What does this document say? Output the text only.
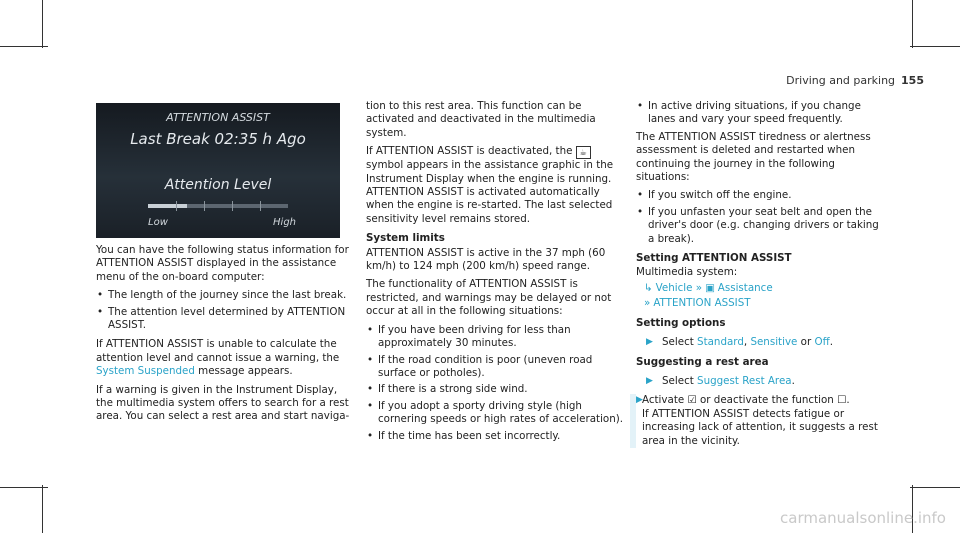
Driving and parking 155
ATTENTION ASSIST
Last Break 02:35 h Ago
Attention Level
Low	High

You can have the following status information for ATTENTION ASSIST displayed in the assistance menu of the on-board computer:

• The length of the journey since the last break.
• The attention level determined by ATTENTION ASSIST.

If ATTENTION ASSIST is unable to calculate the attention level and cannot issue a warning, the System Suspended message appears.

If a warning is given in the Instrument Display, the multimedia system offers to search for a rest area. You can select a rest area and start naviga-

tion to this rest area. This function can be activated and deactivated in the multimedia system.

If ATTENTION ASSIST is deactivated, the ☕ symbol appears in the assistance graphic in the Instrument Display when the engine is running. ATTENTION ASSIST is activated automatically when the engine is re-started. The last selected sensitivity level remains stored.

System limits

ATTENTION ASSIST is active in the 37 mph (60 km/h) to 124 mph (200 km/h) speed range.

The functionality of ATTENTION ASSIST is restricted, and warnings may be delayed or not occur at all in the following situations:

• If you have been driving for less than approximately 30 minutes.
• If the road condition is poor (uneven road surface or potholes).
• If there is a strong side wind.
• If you adopt a sporty driving style (high cornering speeds or high rates of acceleration).
• If the time has been set incorrectly.
• In active driving situations, if you change lanes and vary your speed frequently.

The ATTENTION ASSIST tiredness or alertness assessment is deleted and restarted when continuing the journey in the following situations:

• If you switch off the engine.
• If you unfasten your seat belt and open the driver's door (e.g. changing drivers or taking a break).
Setting ATTENTION ASSIST
Multimedia system:
↳ Vehicle » ▣ Assistance
» ATTENTION ASSIST
Setting options
▶ Select Standard, Sensitive or Off.
Suggesting a rest area
▶ Select Suggest Rest Area.
▶ Activate ☑ or deactivate the function ☐.
If ATTENTION ASSIST detects fatigue or increasing lack of attention, it suggests a rest area in the vicinity.
carmanualsonline.info
